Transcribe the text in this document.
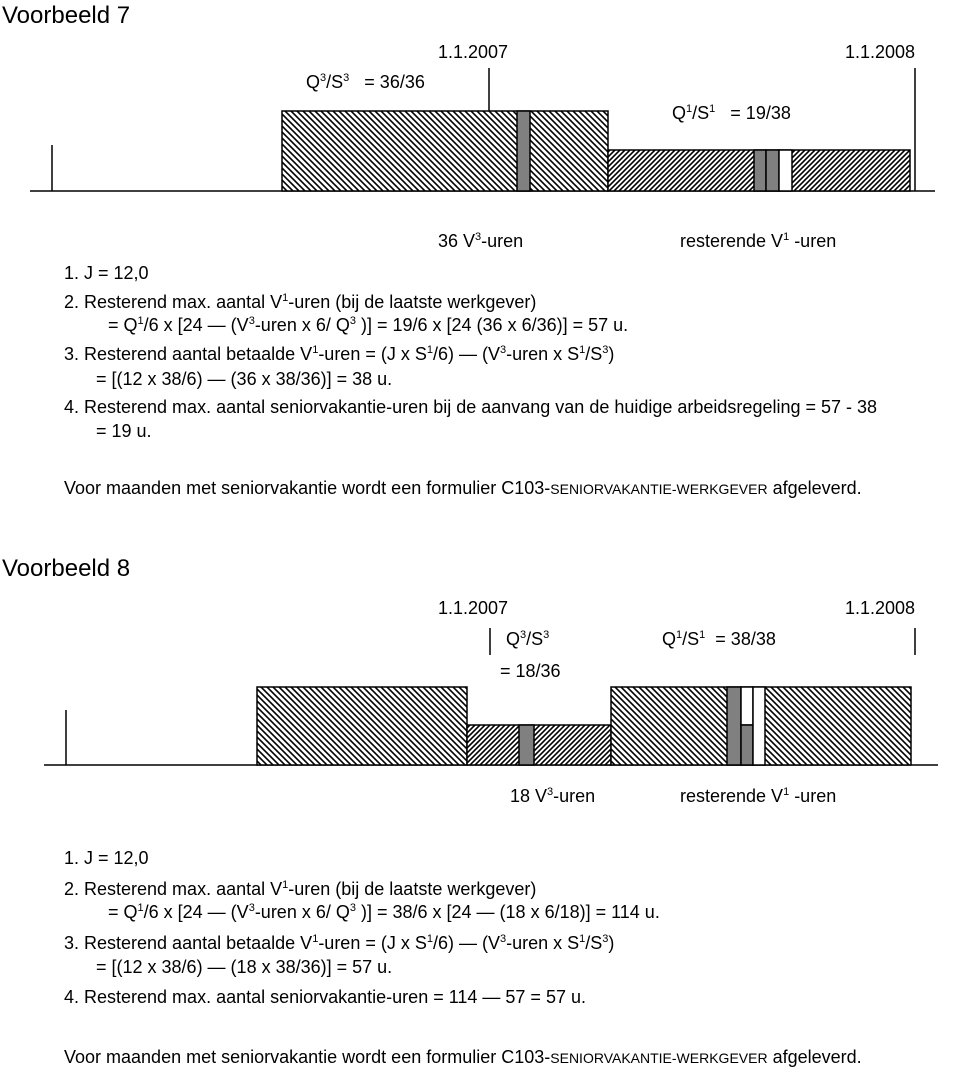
Voorbeeld 7
1.1.2007	1.1.2008
$Q^3/S^3 = 36/36$
$Q^1/S^1 = 19/38$
36 $V^3$-uren	resterende $V^1$ -uren
1. J = 12,0
2. Resterend max. aantal $V^1$-uren (bij de laatste werkgever)
= $Q^1/6$ x [24 — ($V^3$-uren x 6/ $Q^3$ )] = 19/6 x [24 (36 x 6/36)] = 57 u.
3. Resterend aantal betaalde $V^1$-uren = (J x $S^1/6$) — ($V^3$-uren x $S^1/S^3$)
= [(12 x 38/6) — (36 x 38/36)] = 38 u.
4. Resterend max. aantal seniorvakantie-uren bij de aanvang van de huidige arbeidsregeling = 57 - 38
= 19 u.
Voor maanden met seniorvakantie wordt een formulier C103-SENIORVAKANTIE-WERKGEVER afgeleverd.
Voorbeeld 8
1.1.2007	1.1.2008
$Q^3/S^3$
= 18/36
$Q^1/S^1 = 38/38$
18 $V^3$-uren	resterende $V^1$ -uren
1. J = 12,0
2. Resterend max. aantal $V^1$-uren (bij de laatste werkgever)
= $Q^1/6$ x [24 — ($V^3$-uren x 6/ $Q^3$ )] = 38/6 x [24 — (18 x 6/18)] = 114 u.
3. Resterend aantal betaalde $V^1$-uren = (J x $S^1/6$) — ($V^3$-uren x $S^1/S^3$)
= [(12 x 38/6) — (18 x 38/36)] = 57 u.
4. Resterend max. aantal seniorvakantie-uren = 114 — 57 = 57 u.
Voor maanden met seniorvakantie wordt een formulier C103-SENIORVAKANTIE-WERKGEVER afgeleverd.
